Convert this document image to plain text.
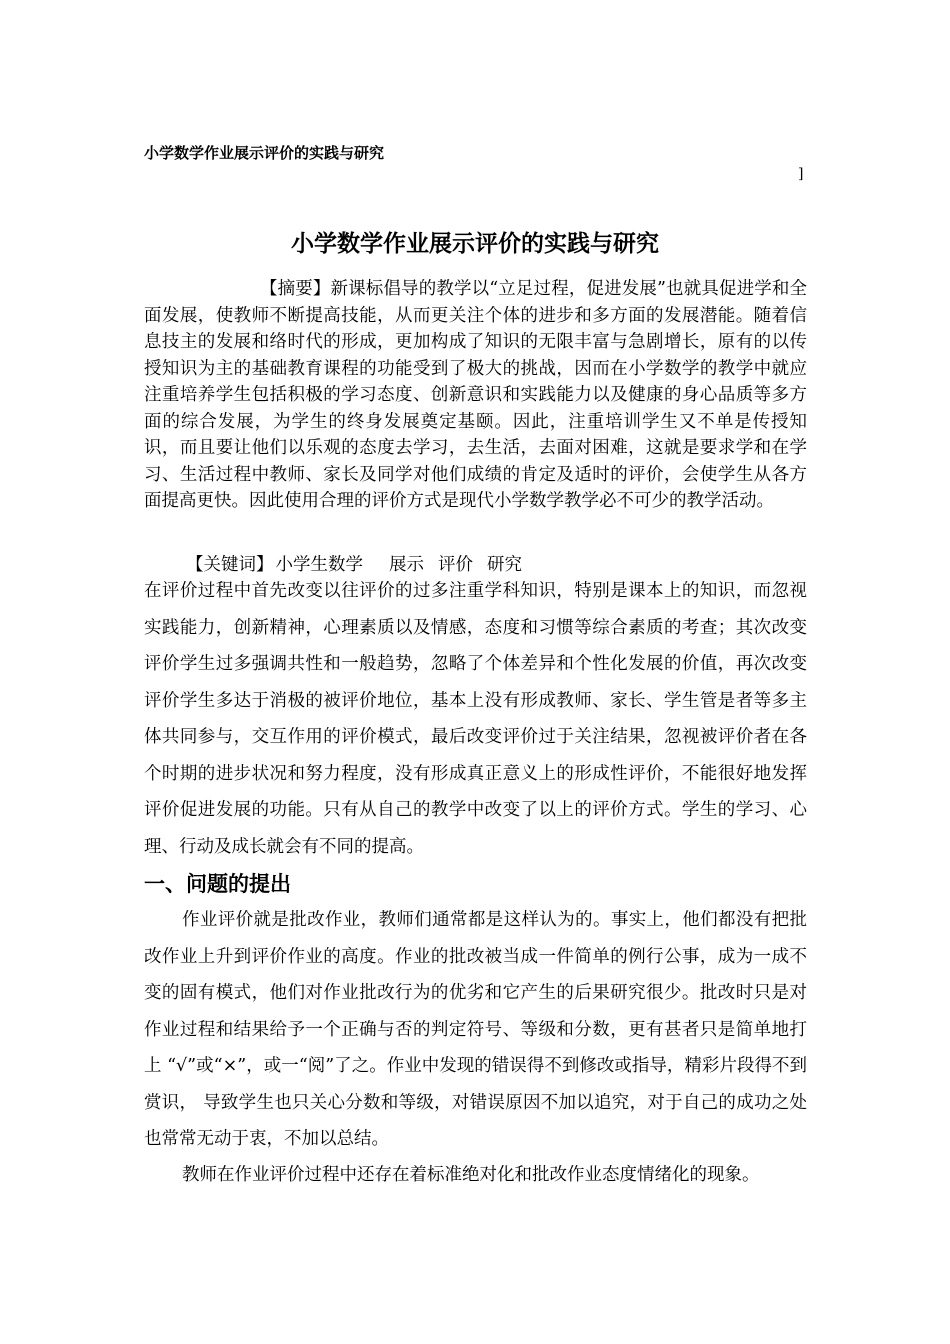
小学数学作业展示评价的实践与研究
]
小学数学作业展示评价的实践与研究
【摘要】新课标倡导的教学以“立足过程，促进发展”也就具促进学和全面发展，使教师不断提高技能，从而更关注个体的进步和多方面的发展潜能。随着信息技主的发展和络时代的形成，更加构成了知识的无限丰富与急剧增长，原有的以传授知识为主的基础教育课程的功能受到了极大的挑战，因而在小学数学的教学中就应注重培养学生包括积极的学习态度、创新意识和实践能力以及健康的身心品质等多方面的综合发展，为学生的终身发展奠定基颐。因此，注重培训学生又不单是传授知识，而且要让他们以乐观的态度去学习，去生活，去面对困难，这就是要求学和在学习、生活过程中教师、家长及同学对他们成绩的肯定及适时的评价，会使学生从各方面提高更快。因此使用合理的评价方式是现代小学数学教学必不可少的教学活动。
【关键词】 小学生数学 展示 评价 研究
在评价过程中首先改变以往评价的过多注重学科知识，特别是课本上的知识，而忽视实践能力，创新精神，心理素质以及情感，态度和习惯等综合素质的考查；其次改变评价学生过多强调共性和一般趋势，忽略了个体差异和个性化发展的价值，再次改变评价学生多达于消极的被评价地位，基本上没有形成教师、家长、学生管是者等多主体共同参与，交互作用的评价模式，最后改变评价过于关注结果，忽视被评价者在各个时期的进步状况和努力程度，没有形成真正意义上的形成性评价，不能很好地发挥评价促进发展的功能。只有从自己的教学中改变了以上的评价方式。学生的学习、心理、行动及成长就会有不同的提高。
一、问题的提出
作业评价就是批改作业，教师们通常都是这样认为的。事实上，他们都没有把批改作业上升到评价作业的高度。作业的批改被当成一件简单的例行公事，成为一成不变的固有模式，他们对作业批改行为的优劣和它产生的后果研究很少。批改时只是对作业过程和结果给予一个正确与否的判定符号、等级和分数，更有甚者只是简单地打上 “√”或“×”，或一“阅”了之。作业中发现的错误得不到修改或指导，精彩片段得不到赏识， 导致学生也只关心分数和等级，对错误原因不加以追究，对于自己的成功之处也常常无动于衷，不加以总结。
教师在作业评价过程中还存在着标准绝对化和批改作业态度情绪化的现象。
